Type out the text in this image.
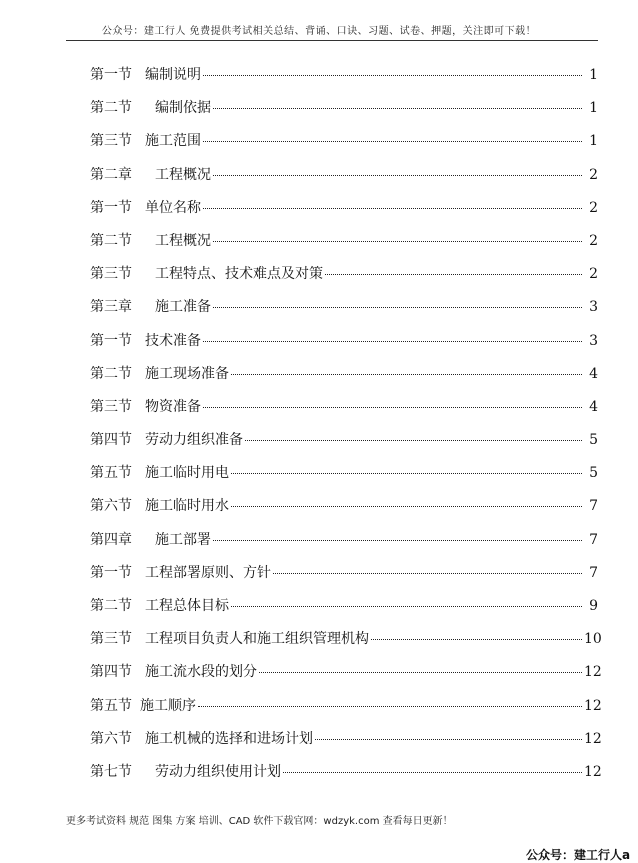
公众号：建工行人 免费提供考试相关总结、背诵、口诀、习题、试卷、押题，关注即可下载！
第一节 编制说明	1
第二节 编制依据	1
第三节 施工范围	1
第二章 工程概况	2
第一节 单位名称	2
第二节 工程概况	2
第三节 工程特点、技术难点及对策	2
第三章 施工准备	3
第一节 技术准备	3
第二节 施工现场准备	4
第三节 物资准备	4
第四节 劳动力组织准备	5
第五节 施工临时用电	5
第六节 施工临时用水	7
第四章 施工部署	7
第一节 工程部署原则、方针	7
第二节 工程总体目标	9
第三节 工程项目负责人和施工组织管理机构	10
第四节 施工流水段的划分	12
第五节 施工顺序	12
第六节 施工机械的选择和进场计划	12
第七节 劳动力组织使用计划	12
更多考试资料 规范 图集 方案 培训、CAD 软件下载官网：wdzyk.com 查看每日更新！
公众号：建工行人a
